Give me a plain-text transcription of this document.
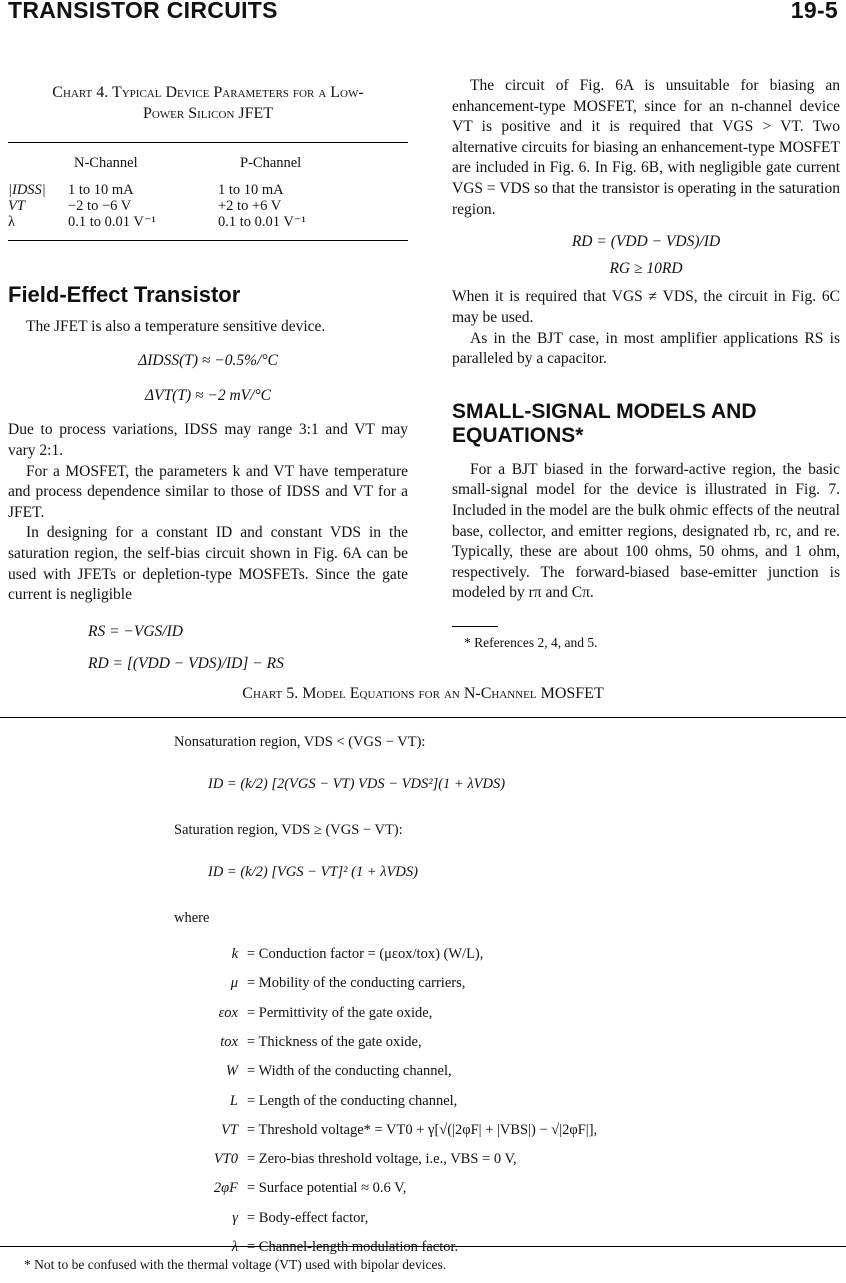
TRANSISTOR CIRCUITS	19-5
Chart 4. Typical Device Parameters for a Low-
Power Silicon JFET
	N-Channel	P-Channel
|IDSS|	1 to 10 mA	1 to 10 mA
VT	−2 to −6 V	+2 to +6 V
λ	0.1 to 0.01 V⁻¹	0.1 to 0.01 V⁻¹
Field-Effect Transistor

The JFET is also a temperature sensitive device.

ΔIDSS(T) ≈ −0.5%/°C
ΔVT(T) ≈ −2 mV/°C

Due to process variations, IDSS may range 3:1 and VT may vary 2:1.

For a MOSFET, the parameters k and VT have temperature and process dependence similar to those of IDSS and VT for a JFET.

In designing for a constant ID and constant VDS in the saturation region, the self-bias circuit shown in Fig. 6A can be used with JFETs or depletion-type MOSFETs. Since the gate current is negligible

RS = −VGS/ID
RD = [(VDD − VDS)/ID] − RS

The circuit of Fig. 6A is unsuitable for biasing an enhancement-type MOSFET, since for an n-channel device VT is positive and it is required that VGS > VT. Two alternative circuits for biasing an enhancement-type MOSFET are included in Fig. 6. In Fig. 6B, with negligible gate current VGS = VDS so that the transistor is operating in the saturation region.

RD = (VDD − VDS)/ID
RG ≥ 10RD

When it is required that VGS ≠ VDS, the circuit in Fig. 6C may be used.

As in the BJT case, in most amplifier applications RS is paralleled by a capacitor.

SMALL-SIGNAL MODELS AND EQUATIONS*

For a BJT biased in the forward-active region, the basic small-signal model for the device is illustrated in Fig. 7. Included in the model are the bulk ohmic effects of the neutral base, collector, and emitter regions, designated rb, rc, and re. Typically, these are about 100 ohms, 50 ohms, and 1 ohm, respectively. The forward-biased base-emitter junction is modeled by rπ and Cπ.

* References 2, 4, and 5.
Chart 5. Model Equations for an N-Channel MOSFET
Nonsaturation region, VDS < (VGS − VT):
ID = (k/2) [2(VGS − VT) VDS − VDS²](1 + λVDS)
Saturation region, VDS ≥ (VGS − VT):
ID = (k/2) [VGS − VT]² (1 + λVDS)
where
k = Conduction factor = (μεox/tox) (W/L),
μ = Mobility of the conducting carriers,
εox = Permittivity of the gate oxide,
tox = Thickness of the gate oxide,
W = Width of the conducting channel,
L = Length of the conducting channel,
VT = Threshold voltage* = VT0 + γ[√(|2φF| + |VBS|) − √|2φF|],
VT0 = Zero-bias threshold voltage, i.e., VBS = 0 V,
2φF = Surface potential ≈ 0.6 V,
γ = Body-effect factor,
λ = Channel-length modulation factor.
* Not to be confused with the thermal voltage (VT) used with bipolar devices.
